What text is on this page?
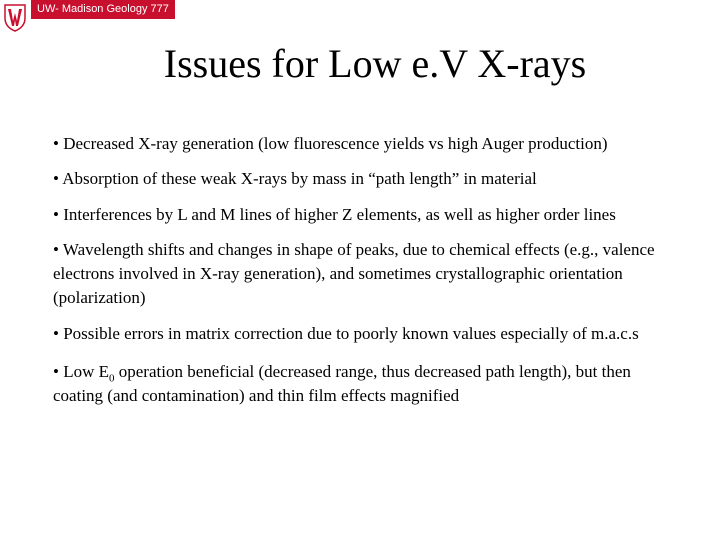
UW- Madison Geology 777
Issues for Low e.V X-rays
• Decreased X-ray generation (low fluorescence yields vs high Auger production)
• Absorption of these weak X-rays by mass in “path length” in material
• Interferences by L and M lines of higher Z elements, as well as higher order lines
• Wavelength shifts and changes in shape of peaks, due to chemical effects (e.g., valence electrons involved in X-ray generation), and sometimes crystallographic orientation (polarization)
• Possible errors in matrix correction due to poorly known values especially of m.a.c.s
• Low $E_0$ operation beneficial (decreased range, thus decreased path length), but then coating (and contamination) and thin film effects magnified
